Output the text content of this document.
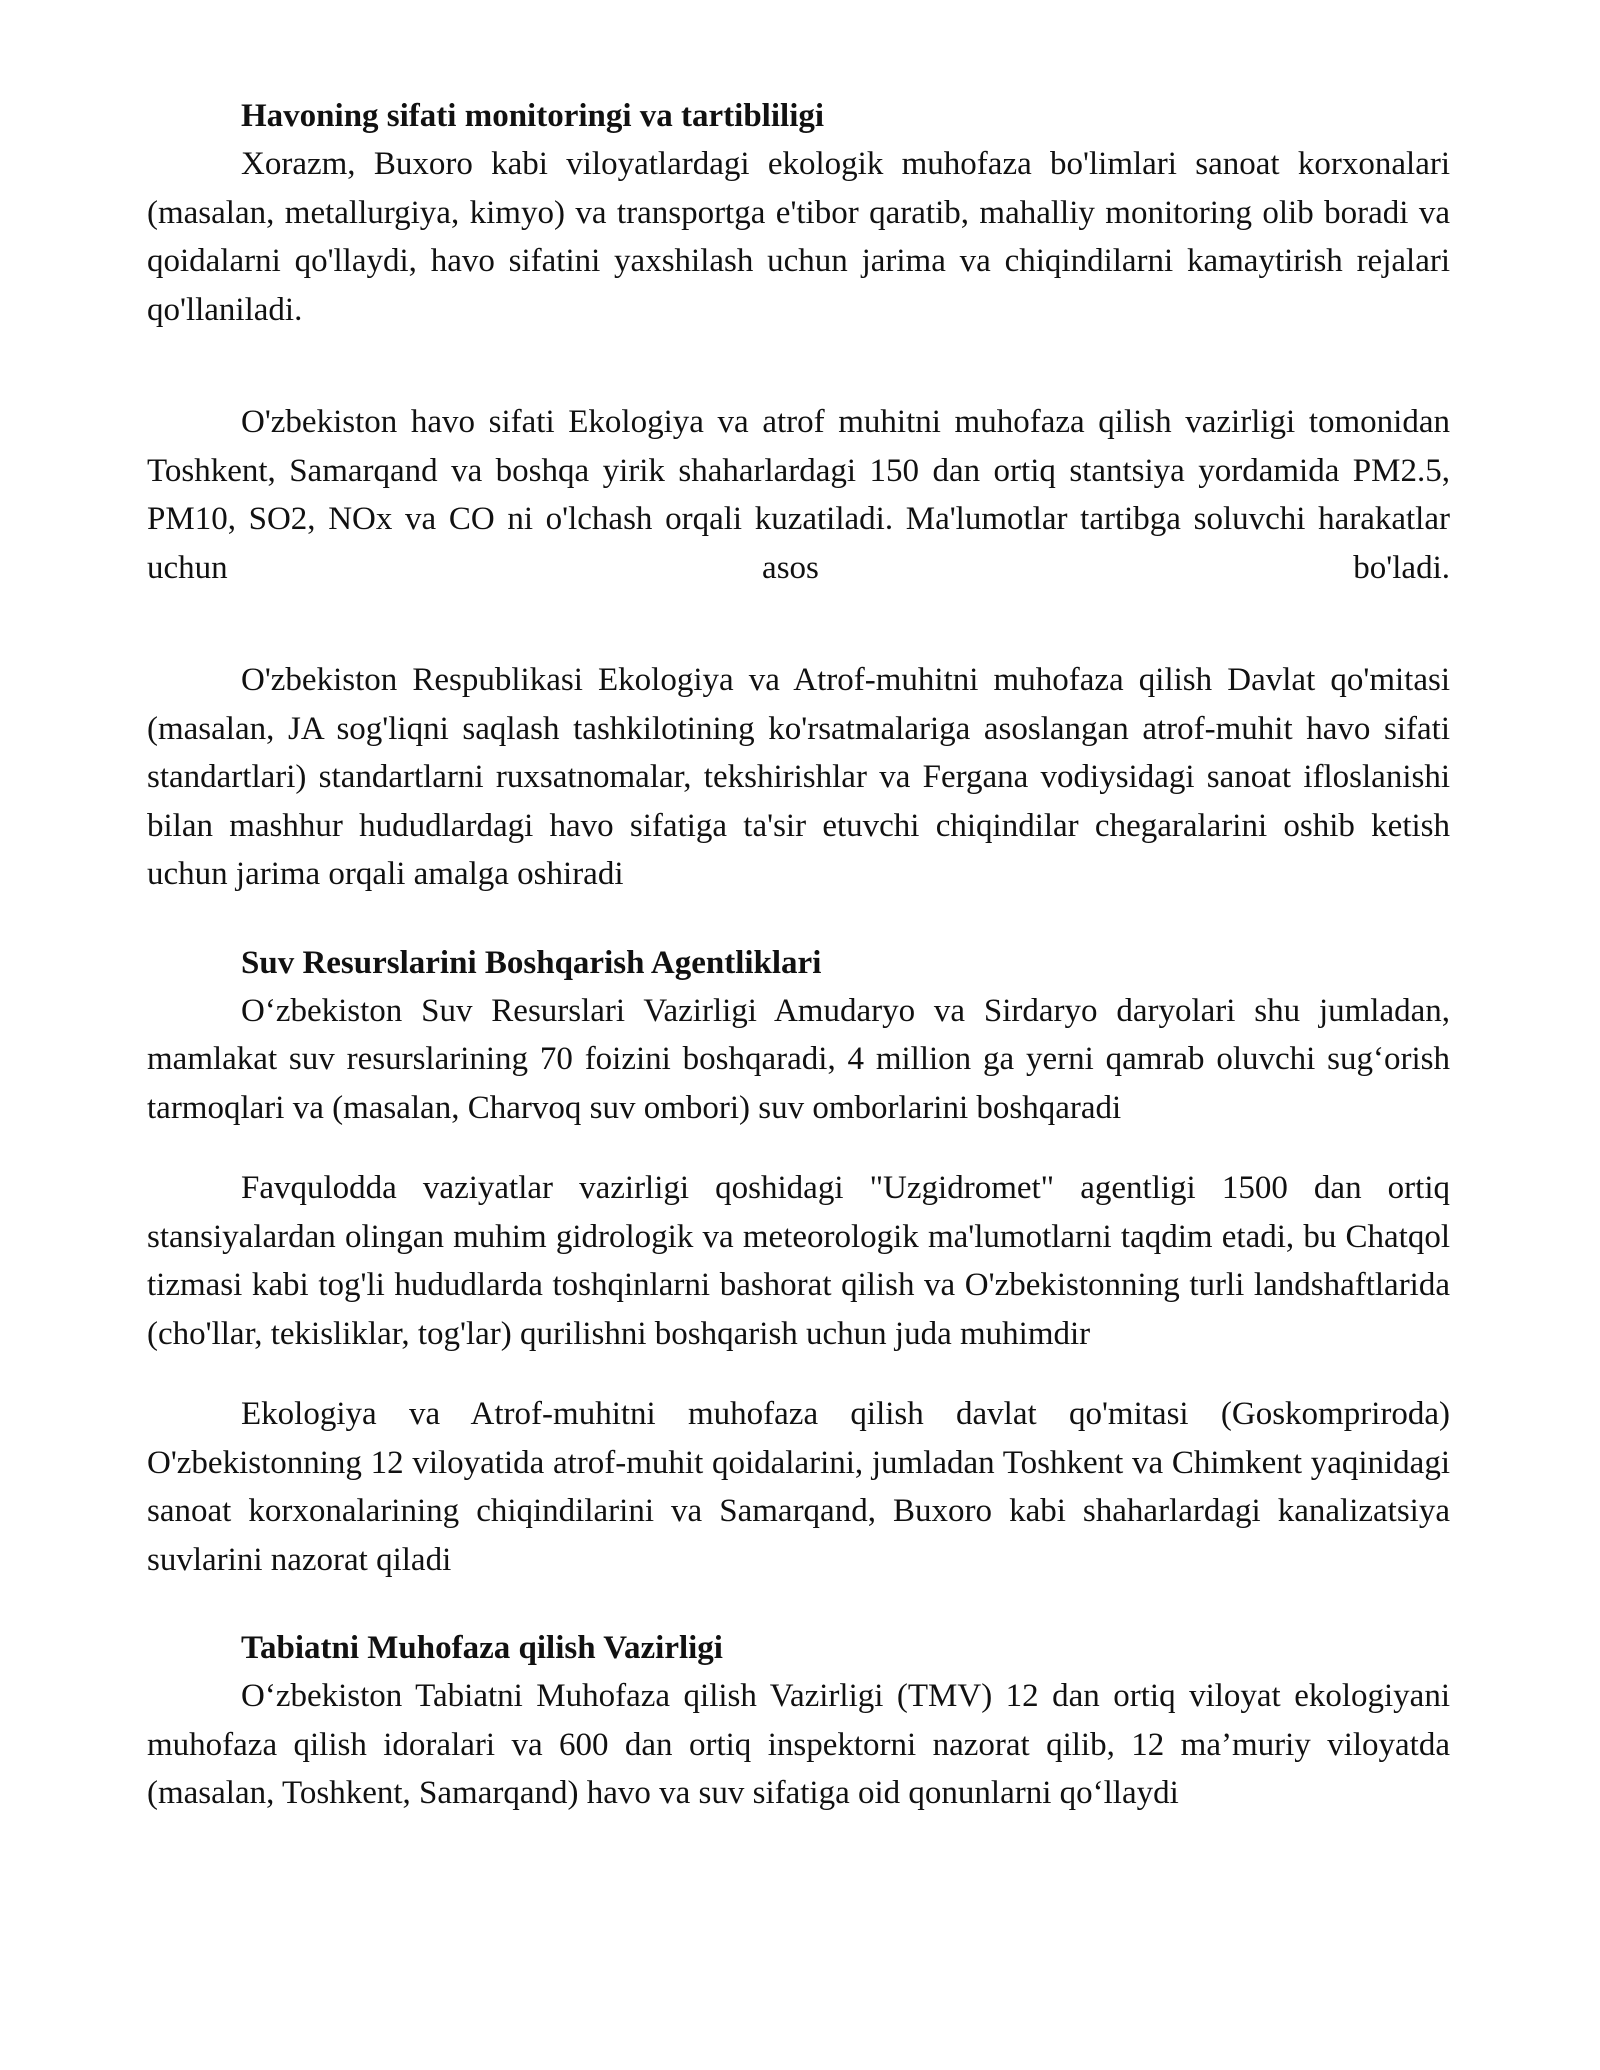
Havoning sifati monitoringi va tartibliligi

Xorazm, Buxoro kabi viloyatlardagi ekologik muhofaza bo'limlari sanoat korxonalari (masalan, metallurgiya, kimyo) va transportga e'tibor qaratib, mahalliy monitoring olib boradi va qoidalarni qo'llaydi, havo sifatini yaxshilash uchun jarima va chiqindilarni kamaytirish rejalari qo'llaniladi.

O'zbekiston havo sifati Ekologiya va atrof muhitni muhofaza qilish vazirligi tomonidan Toshkent, Samarqand va boshqa yirik shaharlardagi 150 dan ortiq stantsiya yordamida PM2.5, PM10, SO2, NOx va CO ni o'lchash orqali kuzatiladi. Ma'lumotlar tartibga soluvchi harakatlar uchun asos bo'ladi.

O'zbekiston Respublikasi Ekologiya va Atrof-muhitni muhofaza qilish Davlat qo'mitasi (masalan, JA sog'liqni saqlash tashkilotining ko'rsatmalariga asoslangan atrof-muhit havo sifati standartlari) standartlarni ruxsatnomalar, tekshirishlar va Fergana vodiysidagi sanoat ifloslanishi bilan mashhur hududlardagi havo sifatiga ta'sir etuvchi chiqindilar chegaralarini oshib ketish uchun jarima orqali amalga oshiradi

Suv Resurslarini Boshqarish Agentliklari

O‘zbekiston Suv Resurslari Vazirligi Amudaryo va Sirdaryo daryolari shu jumladan, mamlakat suv resurslarining 70 foizini boshqaradi, 4 million ga yerni qamrab oluvchi sug‘orish tarmoqlari va (masalan, Charvoq suv ombori) suv omborlarini boshqaradi

Favqulodda vaziyatlar vazirligi qoshidagi "Uzgidromet" agentligi 1500 dan ortiq stansiyalardan olingan muhim gidrologik va meteorologik ma'lumotlarni taqdim etadi, bu Chatqol tizmasi kabi tog'li hududlarda toshqinlarni bashorat qilish va O'zbekistonning turli landshaftlarida (cho'llar, tekisliklar, tog'lar) qurilishni boshqarish uchun juda muhimdir

Ekologiya va Atrof-muhitni muhofaza qilish davlat qo'mitasi (Goskompriroda) O'zbekistonning 12 viloyatida atrof-muhit qoidalarini, jumladan Toshkent va Chimkent yaqinidagi sanoat korxonalarining chiqindilarini va Samarqand, Buxoro kabi shaharlardagi kanalizatsiya suvlarini nazorat qiladi

Tabiatni Muhofaza qilish Vazirligi

O‘zbekiston Tabiatni Muhofaza qilish Vazirligi (TMV) 12 dan ortiq viloyat ekologiyani muhofaza qilish idoralari va 600 dan ortiq inspektorni nazorat qilib, 12 ma’muriy viloyatda (masalan, Toshkent, Samarqand) havo va suv sifatiga oid qonunlarni qo‘llaydi
